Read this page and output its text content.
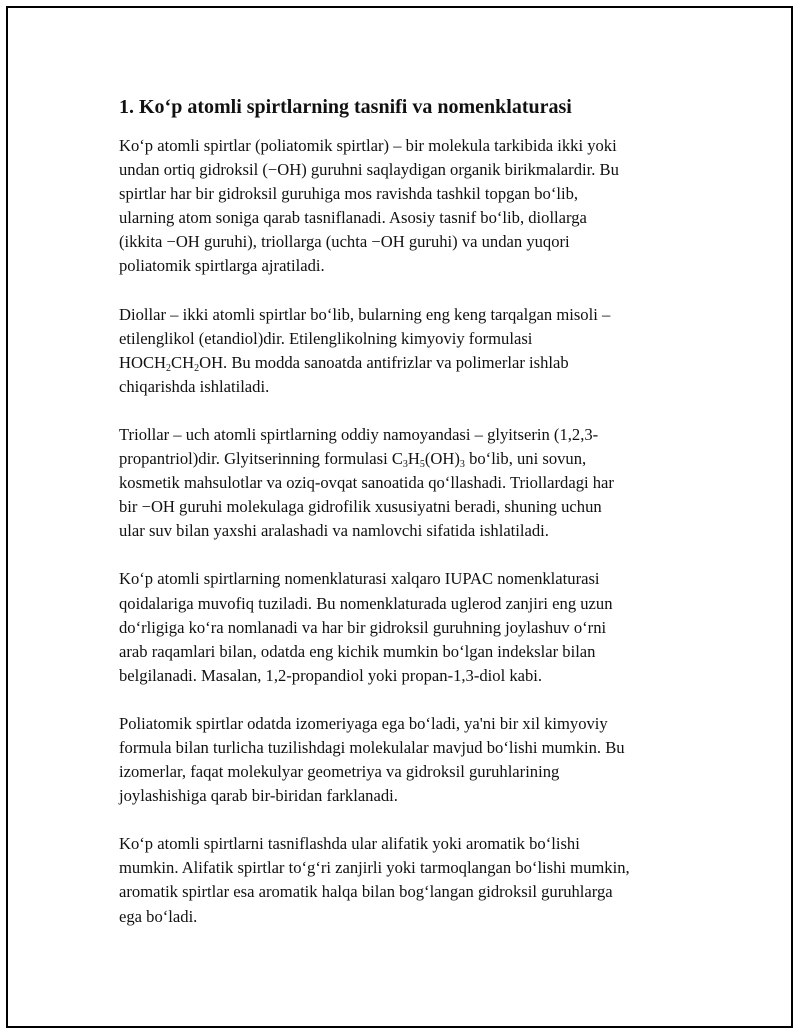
1. Koʻp atomli spirtlarning tasnifi va nomenklaturasi

Koʻp atomli spirtlar (poliatomik spirtlar) – bir molekula tarkibida ikki yoki
undan ortiq gidroksil (−OH) guruhni saqlaydigan organik birikmalardir. Bu
spirtlar har bir gidroksil guruhiga mos ravishda tashkil topgan boʻlib,
ularning atom soniga qarab tasniflanadi. Asosiy tasnif boʻlib, diollarga
(ikkita −OH guruhi), triollarga (uchta −OH guruhi) va undan yuqori
poliatomik spirtlarga ajratiladi.

Diollar – ikki atomli spirtlar boʻlib, bularning eng keng tarqalgan misoli –
etilenglikol (etandiol)dir. Etilenglikolning kimyoviy formulasi
$HOCH_2CH_2OH$. Bu modda sanoatda antifrizlar va polimerlar ishlab
chiqarishda ishlatiladi.

Triollar – uch atomli spirtlarning oddiy namoyandasi – glyitserin (1,2,3-
propantriol)dir. Glyitserinning formulasi $C_3H_5(OH)_3$ boʻlib, uni sovun,
kosmetik mahsulotlar va oziq-ovqat sanoatida qoʻllashadi. Triollardagi har
bir −OH guruhi molekulaga gidrofilik xususiyatni beradi, shuning uchun
ular suv bilan yaxshi aralashadi va namlovchi sifatida ishlatiladi.

Koʻp atomli spirtlarning nomenklaturasi xalqaro IUPAC nomenklaturasi
qoidalariga muvofiq tuziladi. Bu nomenklaturada uglerod zanjiri eng uzun
doʻrligiga koʻra nomlanadi va har bir gidroksil guruhning joylashuv oʻrni
arab raqamlari bilan, odatda eng kichik mumkin boʻlgan indekslar bilan
belgilanadi. Masalan, 1,2-propandiol yoki propan-1,3-diol kabi.

Poliatomik spirtlar odatda izomeriyaga ega boʻladi, ya'ni bir xil kimyoviy
formula bilan turlicha tuzilishdagi molekulalar mavjud boʻlishi mumkin. Bu
izomerlar, faqat molekulyar geometriya va gidroksil guruhlarining
joylashishiga qarab bir-biridan farklanadi.

Koʻp atomli spirtlarni tasniflashda ular alifatik yoki aromatik boʻlishi
mumkin. Alifatik spirtlar toʻgʻri zanjirli yoki tarmoqlangan boʻlishi mumkin,
aromatik spirtlar esa aromatik halqa bilan bogʻlangan gidroksil guruhlarga
ega boʻladi.
